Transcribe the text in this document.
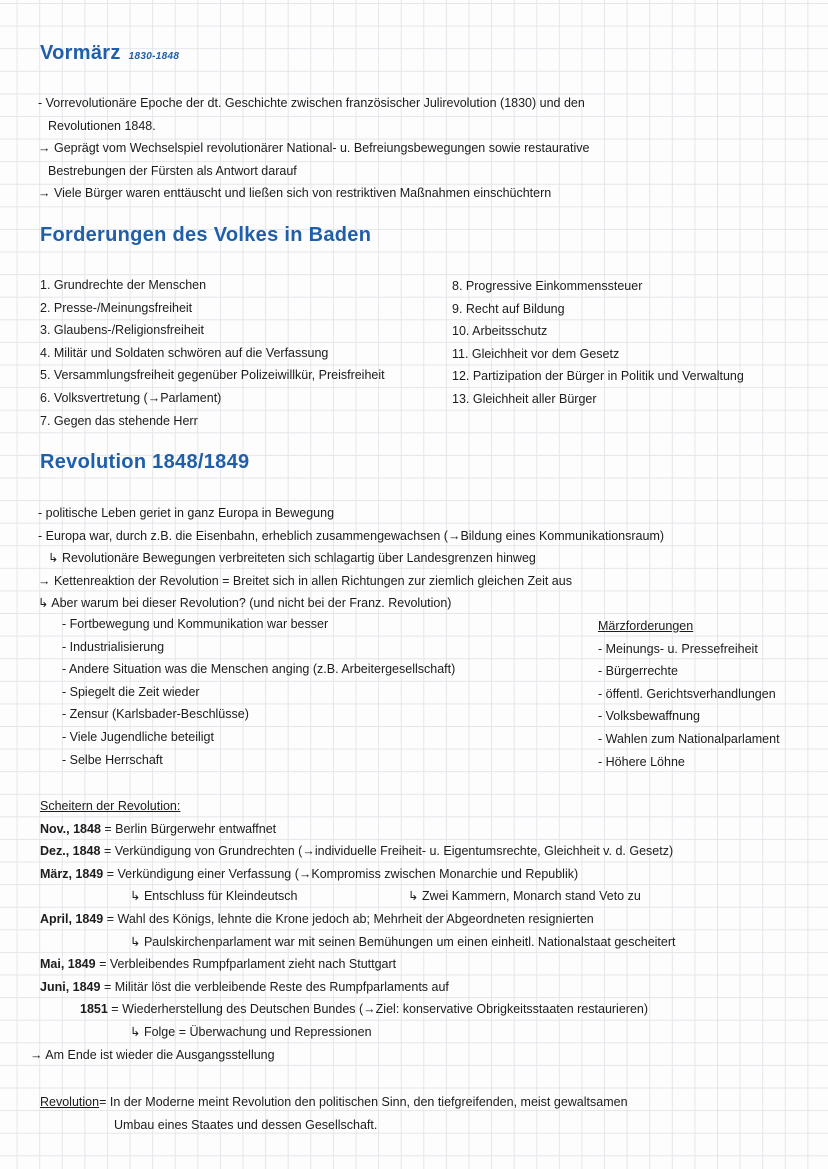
Vormärz 1830-1848
- Vorrevolutionäre Epoche der dt. Geschichte zwischen französischer Julirevolution (1830) und den
Revolutionen 1848.
→ Geprägt vom Wechselspiel revolutionärer National- u. Befreiungsbewegungen sowie restaurative
Bestrebungen der Fürsten als Antwort darauf
→ Viele Bürger waren enttäuscht und ließen sich von restriktiven Maßnahmen einschüchtern
Forderungen des Volkes in Baden
1. Grundrechte der Menschen
2. Presse-/Meinungsfreiheit
3. Glaubens-/Religionsfreiheit
4. Militär und Soldaten schwören auf die Verfassung
5. Versammlungsfreiheit gegenüber Polizeiwillkür, Preisfreiheit
6. Volksvertretung (→Parlament)
7. Gegen das stehende Herr
8. Progressive Einkommenssteuer
9. Recht auf Bildung
10. Arbeitsschutz
11. Gleichheit vor dem Gesetz
12. Partizipation der Bürger in Politik und Verwaltung
13. Gleichheit aller Bürger
Revolution 1848/1849
- politische Leben geriet in ganz Europa in Bewegung
- Europa war, durch z.B. die Eisenbahn, erheblich zusammengewachsen (→Bildung eines Kommunikationsraum)
↳ Revolutionäre Bewegungen verbreiteten sich schlagartig über Landesgrenzen hinweg
→ Kettenreaktion der Revolution = Breitet sich in allen Richtungen zur ziemlich gleichen Zeit aus
↳ Aber warum bei dieser Revolution? (und nicht bei der Franz. Revolution)
- Fortbewegung und Kommunikation war besser
- Industrialisierung
- Andere Situation was die Menschen anging (z.B. Arbeitergesellschaft)
- Spiegelt die Zeit wieder
- Zensur (Karlsbader-Beschlüsse)
- Viele Jugendliche beteiligt
- Selbe Herrschaft
Märzforderungen
- Meinungs- u. Pressefreiheit
- Bürgerrechte
- öffentl. Gerichtsverhandlungen
- Volksbewaffnung
- Wahlen zum Nationalparlament
- Höhere Löhne
Scheitern der Revolution:
Nov., 1848 = Berlin Bürgerwehr entwaffnet
Dez., 1848 = Verkündigung von Grundrechten (→individuelle Freiheit- u. Eigentumsrechte, Gleichheit v. d. Gesetz)
März, 1849 = Verkündigung einer Verfassung (→Kompromiss zwischen Monarchie und Republik)
↳ Entschluss für Kleindeutsch	↳ Zwei Kammern, Monarch stand Veto zu
April, 1849 = Wahl des Königs, lehnte die Krone jedoch ab; Mehrheit der Abgeordneten resignierten
↳ Paulskirchenparlament war mit seinen Bemühungen um einen einheitl. Nationalstaat gescheitert
Mai, 1849 = Verbleibendes Rumpfparlament zieht nach Stuttgart
Juni, 1849 = Militär löst die verbleibende Reste des Rumpfparlaments auf
1851 = Wiederherstellung des Deutschen Bundes (→Ziel: konservative Obrigkeitsstaaten restaurieren)
↳ Folge = Überwachung und Repressionen
→ Am Ende ist wieder die Ausgangsstellung
Revolution= In der Moderne meint Revolution den politischen Sinn, den tiefgreifenden, meist gewaltsamen
Umbau eines Staates und dessen Gesellschaft.
